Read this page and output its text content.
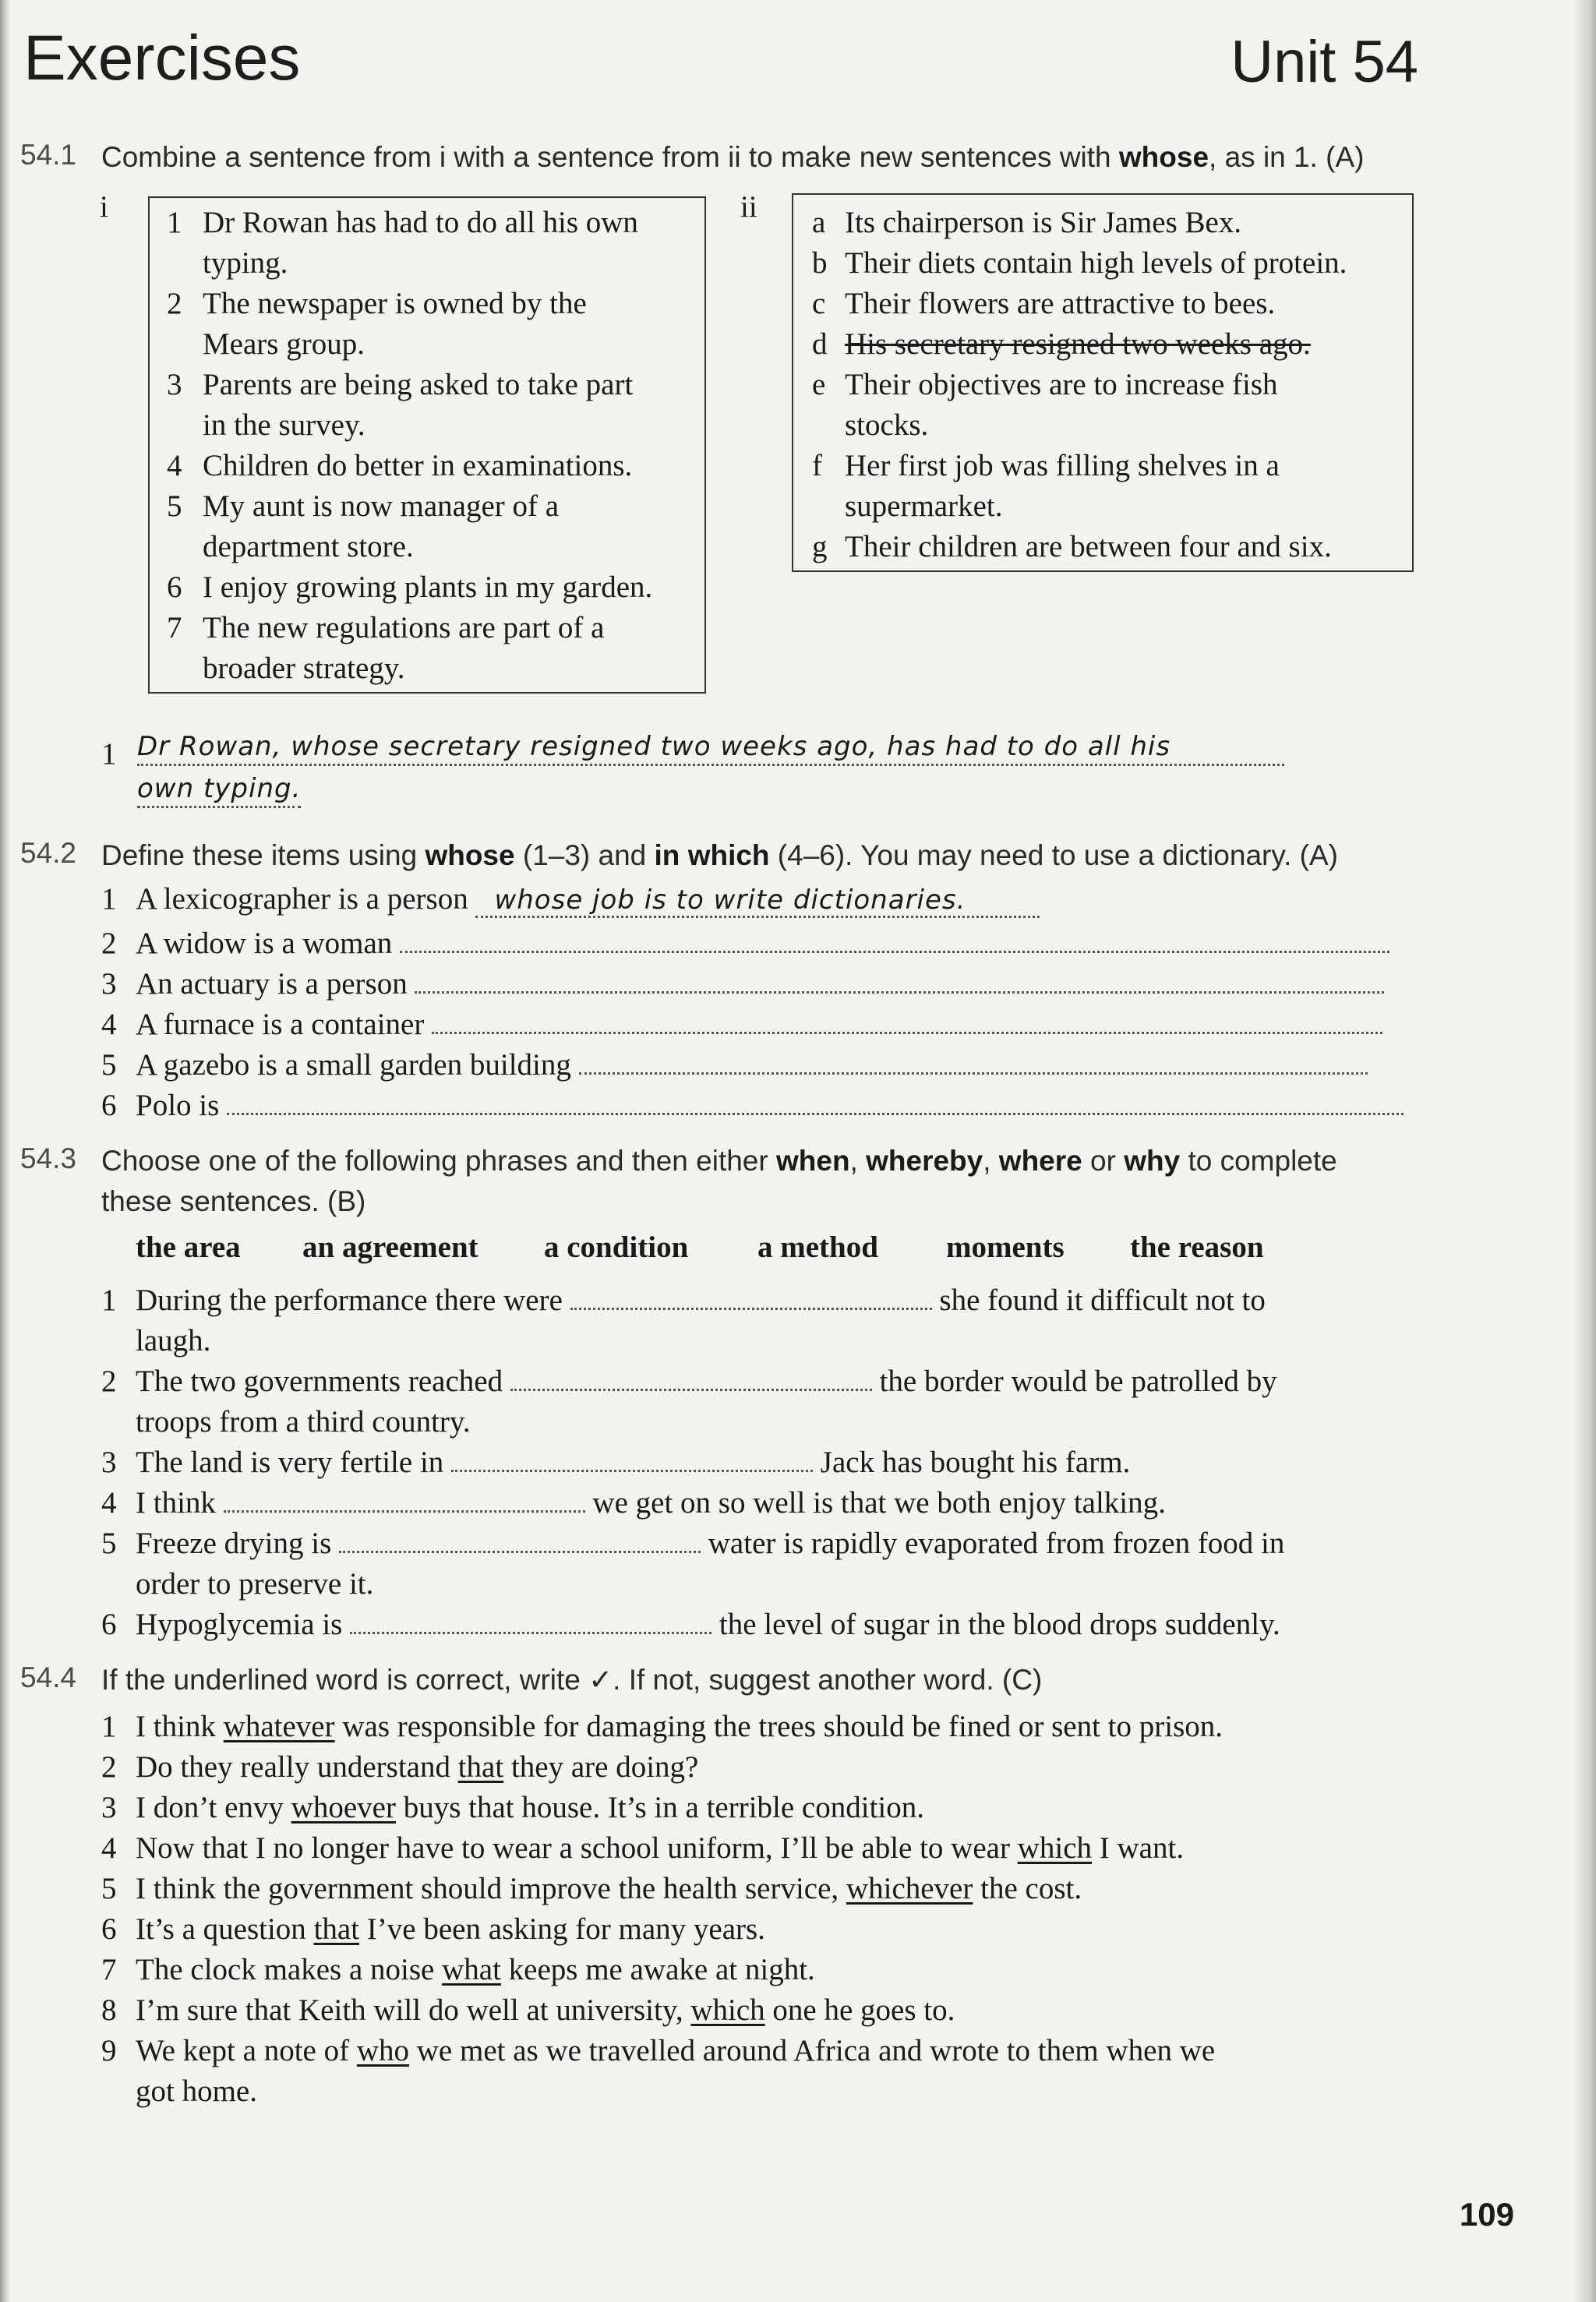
Exercises	Unit 54
54.1 Combine a sentence from i with a sentence from ii to make new sentences with whose, as in 1. (A)
i	ii
1 Dr Rowan has had to do all his own
typing.
2 The newspaper is owned by the
Mears group.
3 Parents are being asked to take part
in the survey.
4 Children do better in examinations.
5 My aunt is now manager of a
department store.
6 I enjoy growing plants in my garden.
7 The new regulations are part of a
broader strategy.
a Its chairperson is Sir James Bex.
b Their diets contain high levels of protein.
c Their flowers are attractive to bees.
d His secretary resigned two weeks ago.
e Their objectives are to increase fish
stocks.
f Her first job was filling shelves in a
supermarket.
g Their children are between four and six.
1 Dr Rowan, whose secretary resigned two weeks ago, has had to do all his
own typing.
54.2 Define these items using whose (1–3) and in which (4–6). You may need to use a dictionary. (A)
1 A lexicographer is a person whose job is to write dictionaries.
2 A widow is a woman
3 An actuary is a person
4 A furnace is a container
5 A gazebo is a small garden building
6 Polo is
54.3 Choose one of the following phrases and then either when, whereby, where or why to complete
these sentences. (B)
the area an agreement a condition a method moments the reason
1 During the performance there were	she found it difficult not to
laugh.
2 The two governments reached	the border would be patrolled by
troops from a third country.
3 The land is very fertile in	Jack has bought his farm.
4 I think	we get on so well is that we both enjoy talking.
5 Freeze drying is	water is rapidly evaporated from frozen food in
order to preserve it.
6 Hypoglycemia is	the level of sugar in the blood drops suddenly.
54.4 If the underlined word is correct, write ✓. If not, suggest another word. (C)
1 I think whatever was responsible for damaging the trees should be fined or sent to prison.
2 Do they really understand that they are doing?
3 I don’t envy whoever buys that house. It’s in a terrible condition.
4 Now that I no longer have to wear a school uniform, I’ll be able to wear which I want.
5 I think the government should improve the health service, whichever the cost.
6 It’s a question that I’ve been asking for many years.
7 The clock makes a noise what keeps me awake at night.
8 I’m sure that Keith will do well at university, which one he goes to.
9 We kept a note of who we met as we travelled around Africa and wrote to them when we
got home.
109
